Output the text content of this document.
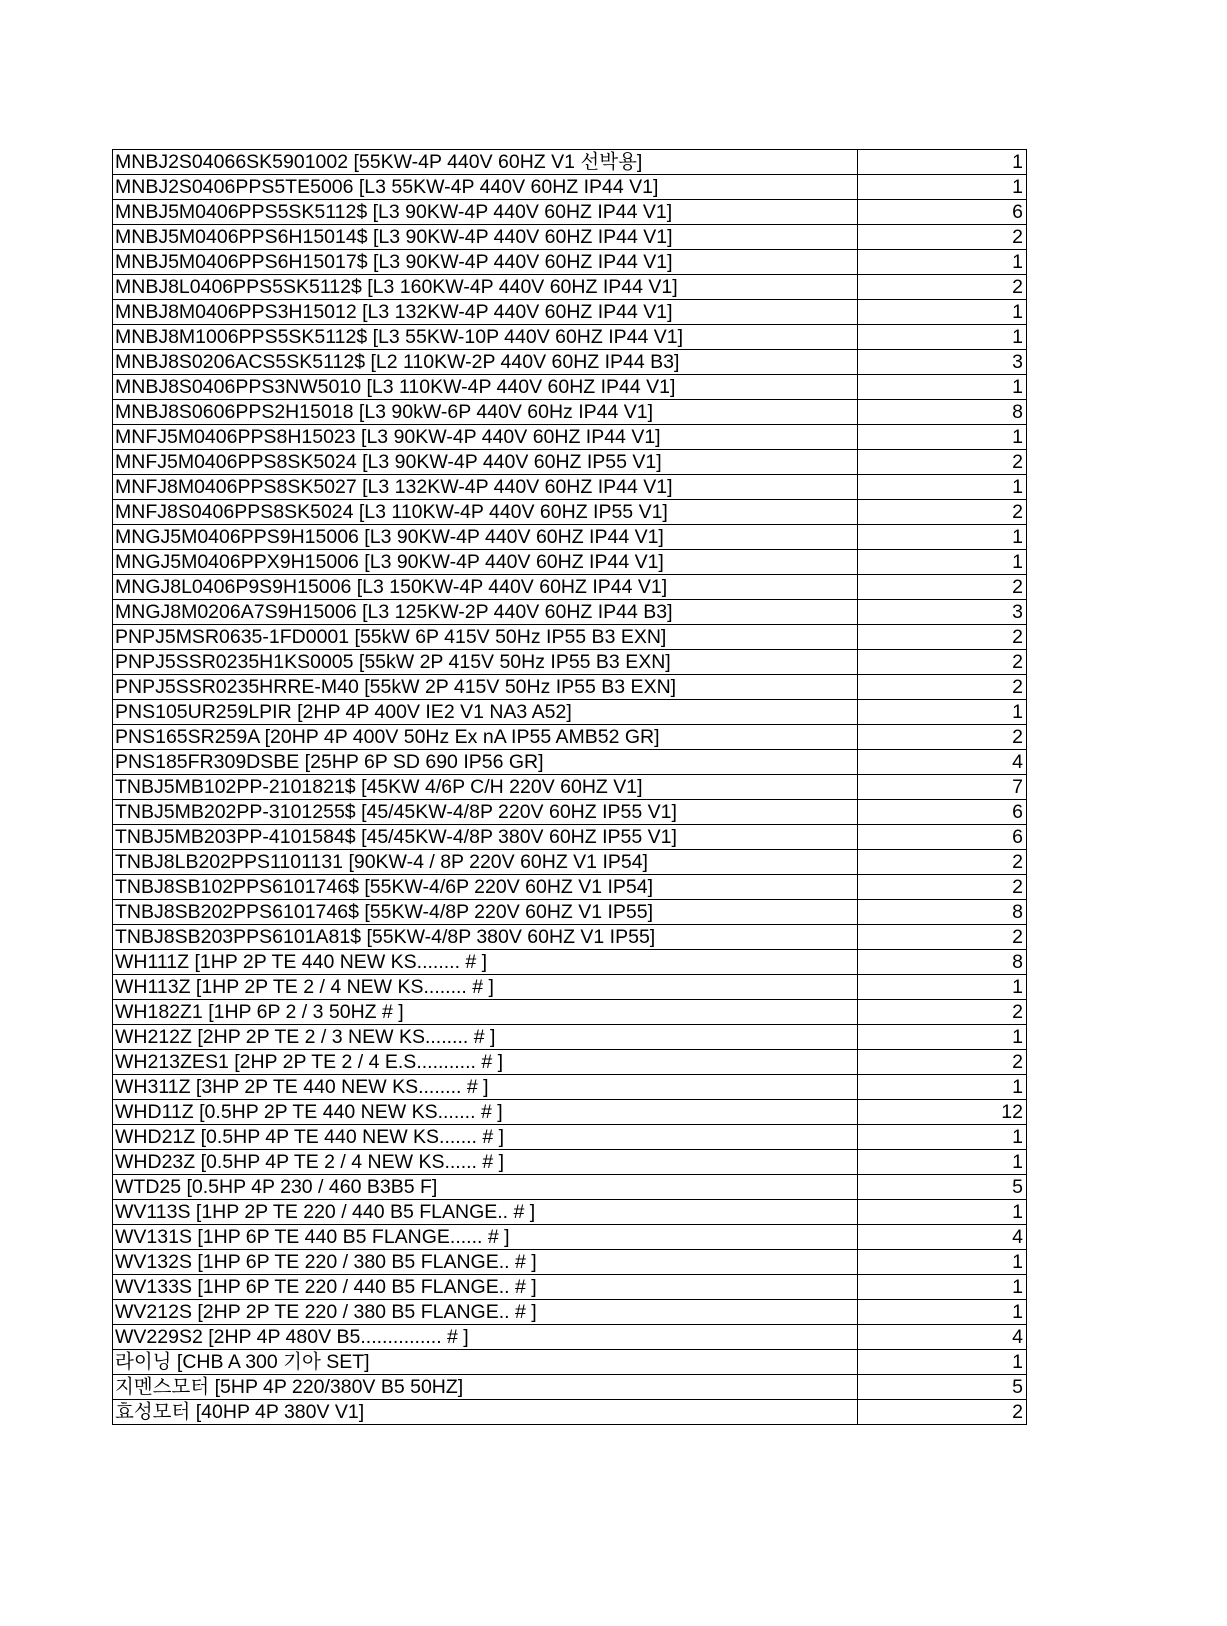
MNBJ2S04066SK5901002 [55KW-4P 440V 60HZ V1 선박용]	1
MNBJ2S0406PPS5TE5006 [L3 55KW-4P 440V 60HZ IP44 V1]	1
MNBJ5M0406PPS5SK5112$ [L3 90KW-4P 440V 60HZ IP44 V1]	6
MNBJ5M0406PPS6H15014$ [L3 90KW-4P 440V 60HZ IP44 V1]	2
MNBJ5M0406PPS6H15017$ [L3 90KW-4P 440V 60HZ IP44 V1]	1
MNBJ8L0406PPS5SK5112$ [L3 160KW-4P 440V 60HZ IP44 V1]	2
MNBJ8M0406PPS3H15012 [L3 132KW-4P 440V 60HZ IP44 V1]	1
MNBJ8M1006PPS5SK5112$ [L3 55KW-10P 440V 60HZ IP44 V1]	1
MNBJ8S0206ACS5SK5112$ [L2 110KW-2P 440V 60HZ IP44 B3]	3
MNBJ8S0406PPS3NW5010 [L3 110KW-4P 440V 60HZ IP44 V1]	1
MNBJ8S0606PPS2H15018 [L3 90kW-6P 440V 60Hz IP44 V1]	8
MNFJ5M0406PPS8H15023 [L3 90KW-4P 440V 60HZ IP44 V1]	1
MNFJ5M0406PPS8SK5024 [L3 90KW-4P 440V 60HZ IP55 V1]	2
MNFJ8M0406PPS8SK5027 [L3 132KW-4P 440V 60HZ IP44 V1]	1
MNFJ8S0406PPS8SK5024 [L3 110KW-4P 440V 60HZ IP55 V1]	2
MNGJ5M0406PPS9H15006 [L3 90KW-4P 440V 60HZ IP44 V1]	1
MNGJ5M0406PPX9H15006 [L3 90KW-4P 440V 60HZ IP44 V1]	1
MNGJ8L0406P9S9H15006 [L3 150KW-4P 440V 60HZ IP44 V1]	2
MNGJ8M0206A7S9H15006 [L3 125KW-2P 440V 60HZ IP44 B3]	3
PNPJ5MSR0635-1FD0001 [55kW 6P 415V 50Hz IP55 B3 EXN]	2
PNPJ5SSR0235H1KS0005 [55kW 2P 415V 50Hz IP55 B3 EXN]	2
PNPJ5SSR0235HRRE-M40 [55kW 2P 415V 50Hz IP55 B3 EXN]	2
PNS105UR259LPIR [2HP 4P 400V IE2 V1 NA3 A52]	1
PNS165SR259A [20HP 4P 400V 50Hz Ex nA IP55 AMB52 GR]	2
PNS185FR309DSBE [25HP 6P SD 690 IP56 GR]	4
TNBJ5MB102PP-2101821$ [45KW 4/6P C/H 220V 60HZ V1]	7
TNBJ5MB202PP-3101255$ [45/45KW-4/8P 220V 60HZ IP55 V1]	6
TNBJ5MB203PP-4101584$ [45/45KW-4/8P 380V 60HZ IP55 V1]	6
TNBJ8LB202PPS1101131 [90KW-4 / 8P 220V 60HZ V1 IP54]	2
TNBJ8SB102PPS6101746$ [55KW-4/6P 220V 60HZ V1 IP54]	2
TNBJ8SB202PPS6101746$ [55KW-4/8P 220V 60HZ V1 IP55]	8
TNBJ8SB203PPS6101A81$ [55KW-4/8P 380V 60HZ V1 IP55]	2
WH111Z [1HP 2P TE 440 NEW KS........ # ]	8
WH113Z [1HP 2P TE 2 / 4 NEW KS........ # ]	1
WH182Z1 [1HP 6P 2 / 3 50HZ # ]	2
WH212Z [2HP 2P TE 2 / 3 NEW KS........ # ]	1
WH213ZES1 [2HP 2P TE 2 / 4 E.S........... # ]	2
WH311Z [3HP 2P TE 440 NEW KS........ # ]	1
WHD11Z [0.5HP 2P TE 440 NEW KS....... # ]	12
WHD21Z [0.5HP 4P TE 440 NEW KS....... # ]	1
WHD23Z [0.5HP 4P TE 2 / 4 NEW KS...... # ]	1
WTD25 [0.5HP 4P 230 / 460 B3B5 F]	5
WV113S [1HP 2P TE 220 / 440 B5 FLANGE.. # ]	1
WV131S [1HP 6P TE 440 B5 FLANGE...... # ]	4
WV132S [1HP 6P TE 220 / 380 B5 FLANGE.. # ]	1
WV133S [1HP 6P TE 220 / 440 B5 FLANGE.. # ]	1
WV212S [2HP 2P TE 220 / 380 B5 FLANGE.. # ]	1
WV229S2 [2HP 4P 480V B5............... # ]	4
라이닝 [CHB A 300 기아 SET]	1
지멘스모터 [5HP 4P 220/380V B5 50HZ]	5
효성모터 [40HP 4P 380V V1]	2
